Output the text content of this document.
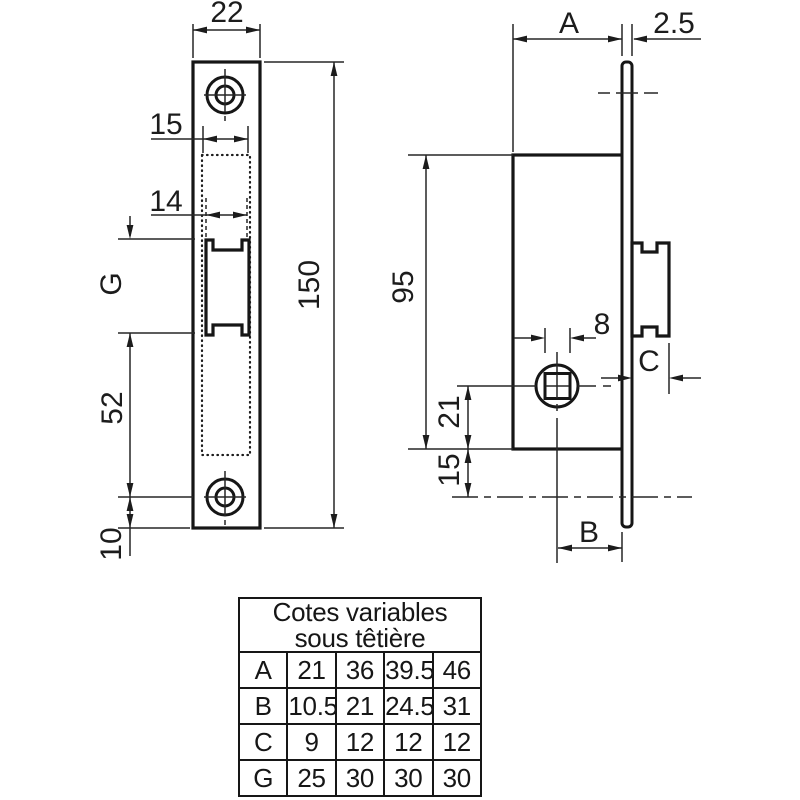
22
150
15
14
G
52
10
A 2.5
95
8
C
21
15
B
Cotes variables
sous têtière				

A	21	36	39.5	46
B	10.5	21	24.5	31
C	9	12	12	12
G	25	30	30	30
